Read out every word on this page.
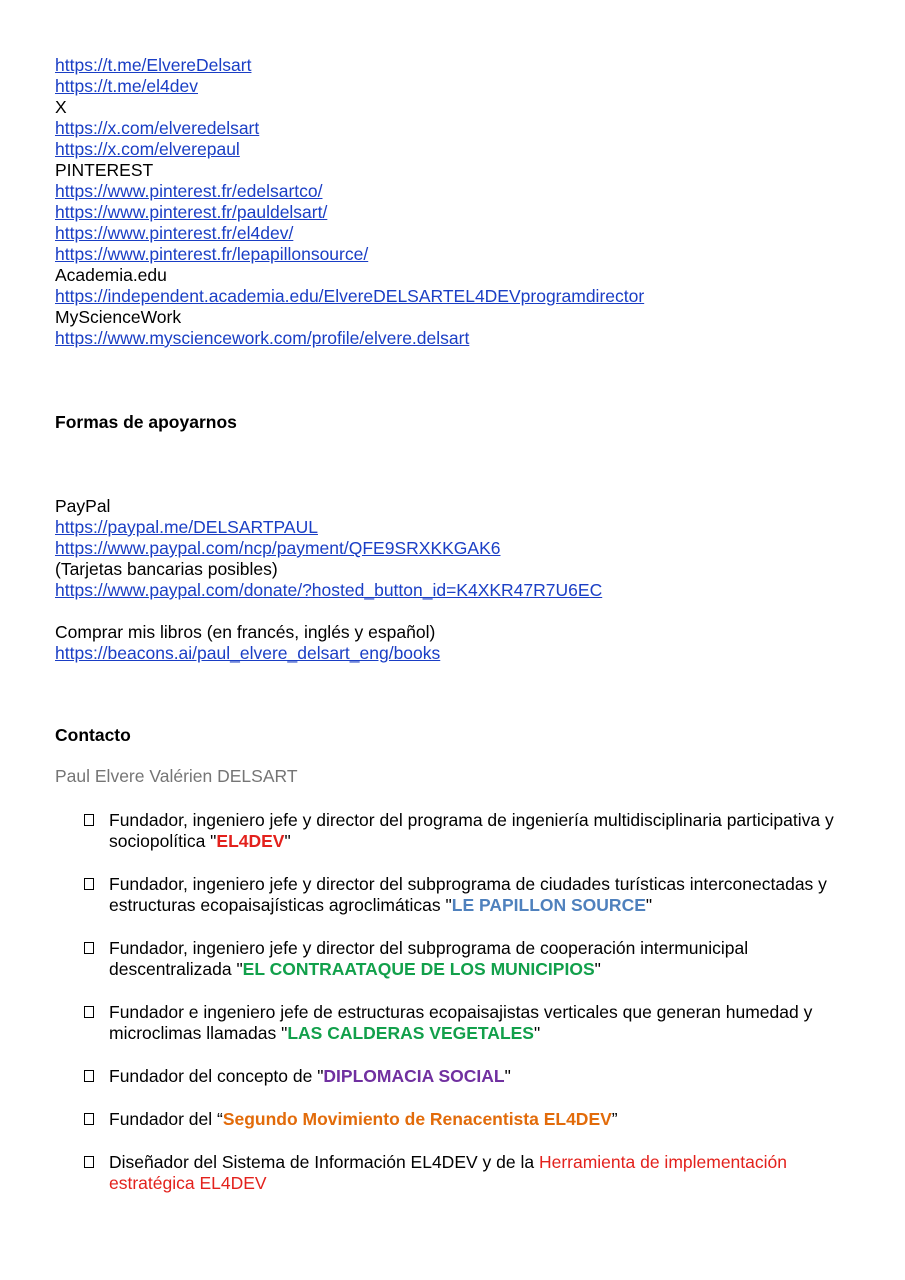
https://t.me/ElvereDelsart
https://t.me/el4dev
X
https://x.com/elveredelsart
https://x.com/elverepaul
PINTEREST
https://www.pinterest.fr/edelsartco/
https://www.pinterest.fr/pauldelsart/
https://www.pinterest.fr/el4dev/
https://www.pinterest.fr/lepapillonsource/
Academia.edu
https://independent.academia.edu/ElvereDELSARTEL4DEVprogramdirector
MyScienceWork
https://www.mysciencework.com/profile/elvere.delsart
Formas de apoyarnos
PayPal
https://paypal.me/DELSARTPAUL
https://www.paypal.com/ncp/payment/QFE9SRXKKGAK6
(Tarjetas bancarias posibles)
https://www.paypal.com/donate/?hosted_button_id=K4XKR47R7U6EC
Comprar mis libros (en francés, inglés y español)
https://beacons.ai/paul_elvere_delsart_eng/books
Contacto
Paul Elvere Valérien DELSART
Fundador, ingeniero jefe y director del programa de ingeniería multidisciplinaria participativa y sociopolítica "EL4DEV"
Fundador, ingeniero jefe y director del subprograma de ciudades turísticas interconectadas y estructuras ecopaisajísticas agroclimáticas "LE PAPILLON SOURCE"
Fundador, ingeniero jefe y director del subprograma de cooperación intermunicipal descentralizada "EL CONTRAATAQUE DE LOS MUNICIPIOS"
Fundador e ingeniero jefe de estructuras ecopaisajistas verticales que generan humedad y microclimas llamadas "LAS CALDERAS VEGETALES"
Fundador del concepto de "DIPLOMACIA SOCIAL"
Fundador del “Segundo Movimiento de Renacentista EL4DEV”
Diseñador del Sistema de Información EL4DEV y de la Herramienta de implementación estratégica EL4DEV
